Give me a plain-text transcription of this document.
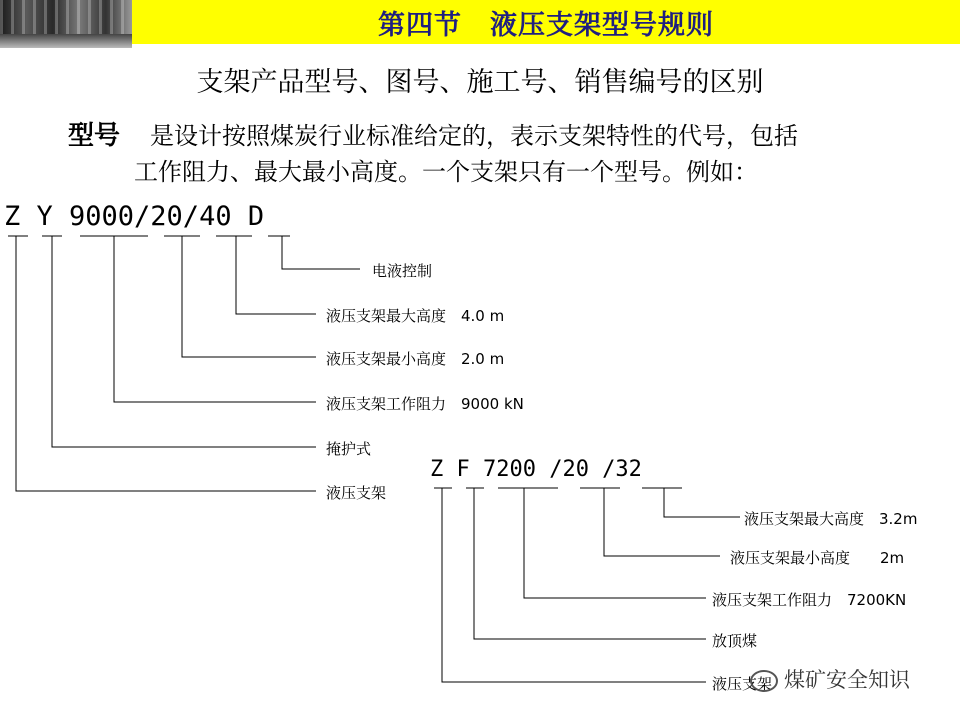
第四节　液压支架型号规则
支架产品型号、图号、施工号、销售编号的区别
型号 是设计按照煤炭行业标准给定的，表示支架特性的代号，包括
工作阻力、最大最小高度。一个支架只有一个型号。例如：
Z Y 9000/20/40 D
Z F 7200 /20 /32
电液控制
液压支架最大高度　4.0 m
液压支架最小高度　2.0 m
液压支架工作阻力　9000 kN
掩护式
液压支架
液压支架最大高度　3.2m
液压支架最小高度　　2m
液压支架工作阻力　7200KN
放顶煤
液压支架 煤矿安全知识
